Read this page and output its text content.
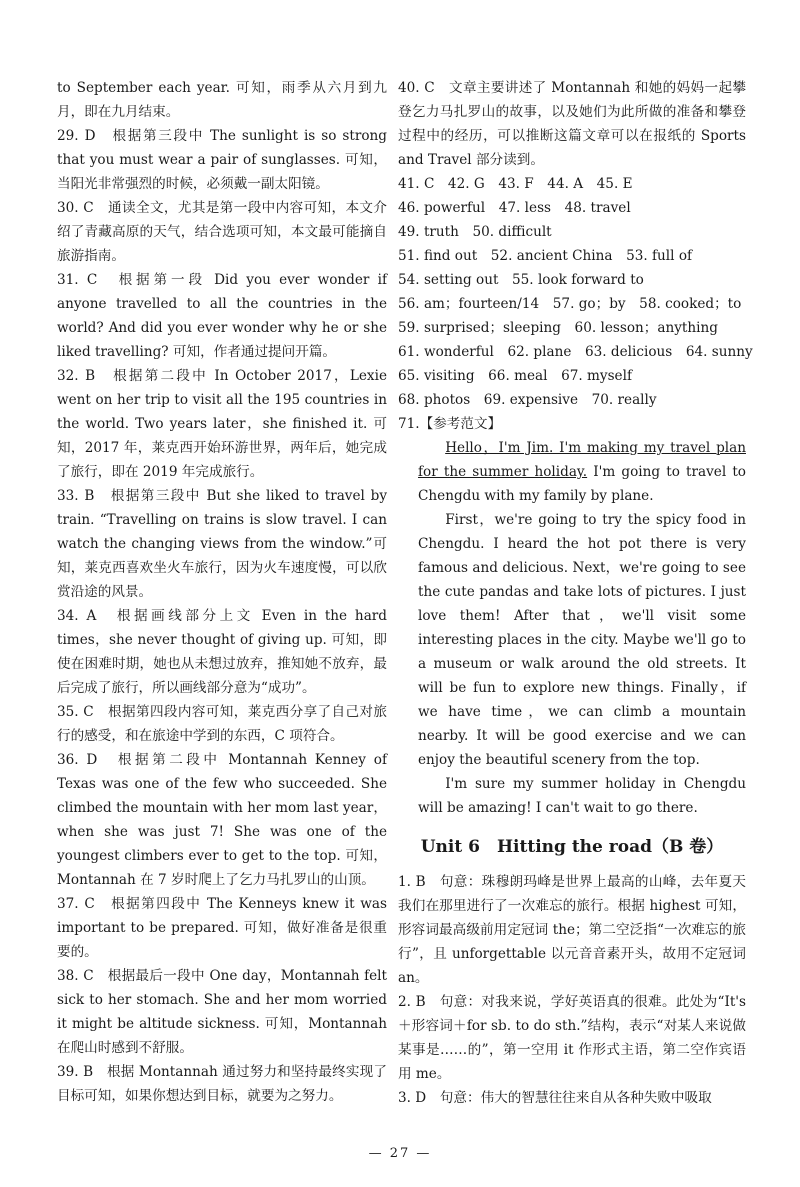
to September each year. 可知，雨季从六月到九月，即在九月结束。

29. D　根据第三段中 The sunlight is so strong that you must wear a pair of sunglasses. 可知，当阳光非常强烈的时候，必须戴一副太阳镜。

30. C　通读全文，尤其是第一段中内容可知，本文介绍了青藏高原的天气，结合选项可知，本文最可能摘自旅游指南。

31. C　根据第一段 Did you ever wonder if anyone travelled to all the countries in the world? And did you ever wonder why he or she liked travelling? 可知，作者通过提问开篇。

32. B　根据第二段中 In October 2017，Lexie went on her trip to visit all the 195 countries in the world. Two years later，she finished it. 可知，2017 年，莱克西开始环游世界，两年后，她完成了旅行，即在 2019 年完成旅行。

33. B　根据第三段中 But she liked to travel by train. “Travelling on trains is slow travel. I can watch the changing views from the window.”可知，莱克西喜欢坐火车旅行，因为火车速度慢，可以欣赏沿途的风景。

34. A　根据画线部分上文 Even in the hard times，she never thought of giving up. 可知，即使在困难时期，她也从未想过放弃，推知她不放弃，最后完成了旅行，所以画线部分意为“成功”。

35. C　根据第四段内容可知，莱克西分享了自己对旅行的感受，和在旅途中学到的东西，C 项符合。

36. D　根据第二段中 Montannah Kenney of Texas was one of the few who succeeded. She climbed the mountain with her mom last year，when she was just 7! She was one of the youngest climbers ever to get to the top. 可知，Montannah 在 7 岁时爬上了乞力马扎罗山的山顶。

37. C　根据第四段中 The Kenneys knew it was important to be prepared. 可知，做好准备是很重要的。

38. C　根据最后一段中 One day，Montannah felt sick to her stomach. She and her mom worried it might be altitude sickness. 可知，Montannah 在爬山时感到不舒服。

39. B　根据 Montannah 通过努力和坚持最终实现了目标可知，如果你想达到目标，就要为之努力。

40. C　文章主要讲述了 Montannah 和她的妈妈一起攀登乞力马扎罗山的故事，以及她们为此所做的准备和攀登过程中的经历，可以推断这篇文章可以在报纸的 Sports and Travel 部分读到。

41. C　42. G　43. F　44. A　45. E

46. powerful　47. less　48. travel

49. truth　50. difficult

51. find out　52. ancient China　53. full of

54. setting out　55. look forward to

56. am；fourteen/14　57. go；by　58. cooked；to

59. surprised；sleeping　60. lesson；anything

61. wonderful　62. plane　63. delicious　64. sunny

65. visiting　66. meal　67. myself

68. photos　69. expensive　70. really

71.【参考范文】

Hello，I'm Jim. I'm making my travel plan for the summer holiday. I'm going to travel to Chengdu with my family by plane.

First，we're going to try the spicy food in Chengdu. I heard the hot pot there is very famous and delicious. Next，we're going to see the cute pandas and take lots of pictures. I just love them! After that，we'll visit some interesting places in the city. Maybe we'll go to a museum or walk around the old streets. It will be fun to explore new things. Finally，if we have time，we can climb a mountain nearby. It will be good exercise and we can enjoy the beautiful scenery from the top.

I'm sure my summer holiday in Chengdu will be amazing! I can't wait to go there.

Unit 6　Hitting the road（B 卷）

1. B　句意：珠穆朗玛峰是世界上最高的山峰，去年夏天我们在那里进行了一次难忘的旅行。根据 highest 可知，形容词最高级前用定冠词 the；第二空泛指“一次难忘的旅行”，且 unforgettable 以元音音素开头，故用不定冠词 an。

2. B　句意：对我来说，学好英语真的很难。此处为“It's＋形容词＋for sb. to do sth.”结构，表示“对某人来说做某事是……的”，第一空用 it 作形式主语，第二空作宾语用 me。

3. D　句意：伟大的智慧往往来自从各种失败中吸取

— 27 —
